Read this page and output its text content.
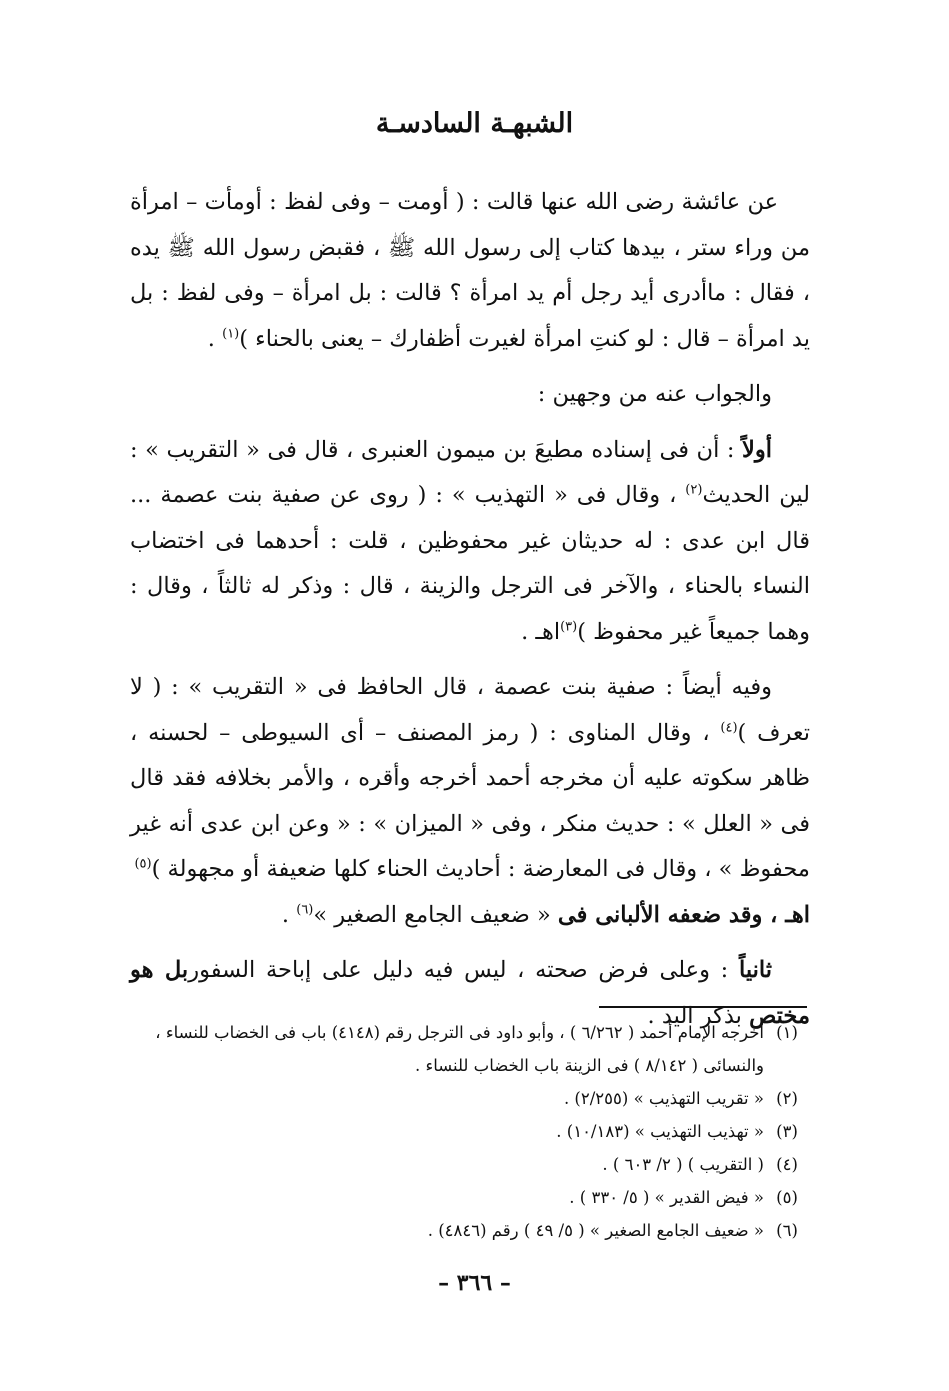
الشبهـة السادسـة

عن عائشة رضى الله عنها قالت : ( أومت – وفى لفظ : أومأت – امرأة من وراء ستر ، بيدها كتاب إلى رسول الله ﷺ ، فقبض رسول الله ﷺ يده ، فقال : ماأدرى أيد رجل أم يد امرأة ؟ قالت : بل امرأة – وفى لفظ : بل يد امرأة – قال : لو كنتِ امرأة لغيرت أظفارك – يعنى بالحناء )$^{(١)}$ .

والجواب عنه من وجهين :

أولاً : أن فى إسناده مطيعَ بن ميمون العنبرى ، قال فى « التقريب » : لين الحديث$^{(٢)}$ ، وقال فى « التهذيب » : ( روى عن صفية بنت عصمة ... قال ابن عدى : له حديثان غير محفوظين ، قلت : أحدهما فى اختضاب النساء بالحناء ، والآخر فى الترجل والزينة ، قال : وذكر له ثالثاً ، وقال : وهما جميعاً غير محفوظ )$^{(٣)}$اهـ .

وفيه أيضاً : صفية بنت عصمة ، قال الحافظ فى « التقريب » : ( لا تعرف )$^{(٤)}$ ، وقال المناوى : ( رمز المصنف – أى السيوطى – لحسنه ، ظاهر سكوته عليه أن مخرجه أحمد أخرجه وأقره ، والأمر بخلافه فقد قال فى « العلل » : حديث منكر ، وفى « الميزان » : « وعن ابن عدى أنه غير محفوظ » ، وقال فى المعارضة : أحاديث الحناء كلها ضعيفة أو مجهولة )$^{(٥)}$
اهـ ، وقد ضعفه الألبانى فى « ضعيف الجامع الصغير »$^{(٦)}$ .

ثانياً : وعلى فرض صحته ، ليس فيه دليل على إباحة السفوربل هو مختص بذكر اليد .

(١)
أخرجه الإمام أحمد ( ٦/٢٦٢ ) ، وأبو داود فى الترجل رقم (٤١٤٨) باب فى الخضاب للنساء ، والنسائى ( ٨/١٤٢ ) فى الزينة باب الخضاب للنساء .
(٢)
« تقريب التهذيب » (٢/٢٥٥) .
(٣)
« تهذيب التهذيب » (١٠/١٨٣) .
(٤)
( التقريب ) ( ٢/ ٦٠٣ ) .
(٥)
« فيض القدير » ( ٥/ ٣٣٠ ) .
(٦)
« ضعيف الجامع الصغير » ( ٥/ ٤٩ ) رقم (٤٨٤٦) .
– ٣٦٦ –
